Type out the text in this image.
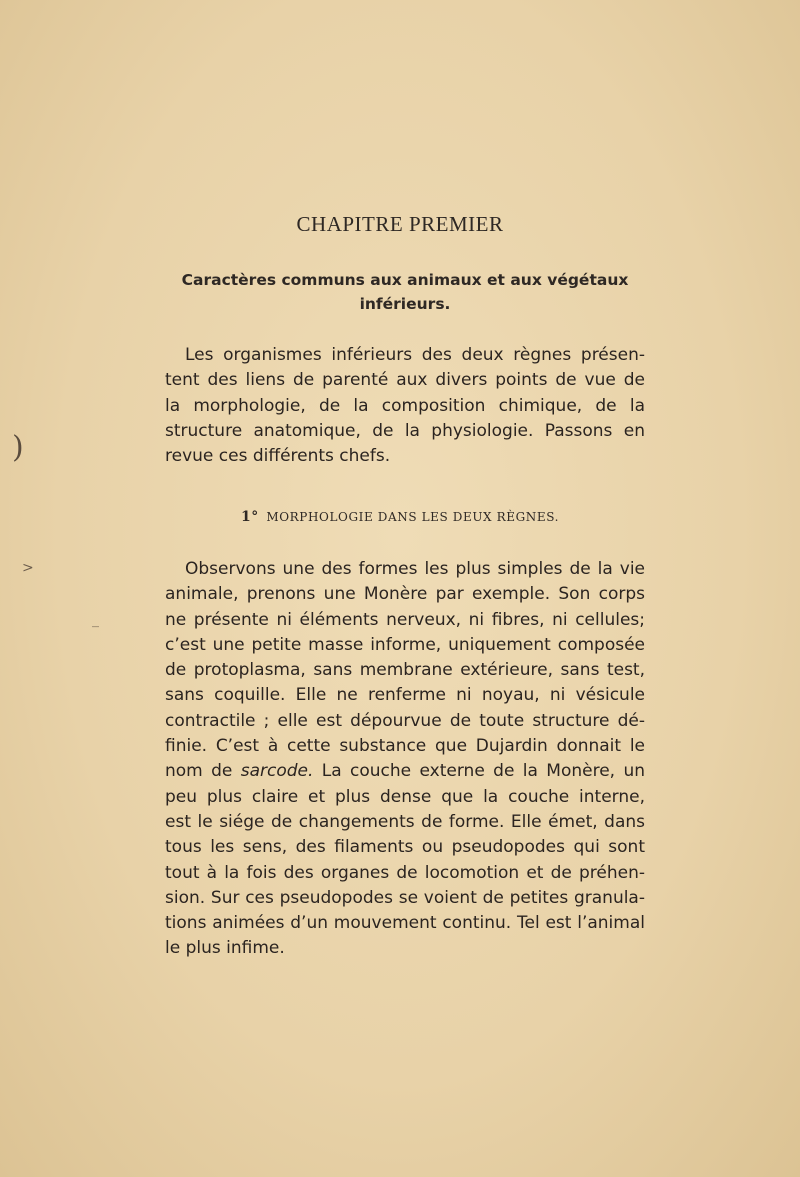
CHAPITRE PREMIER
Caractères communs aux animaux et aux végétaux
inférieurs.
Les organismes inférieurs des deux règnes présen-
tent des liens de parenté aux divers points de vue de
la morphologie, de la composition chimique, de la
structure anatomique, de la physiologie. Passons en
revue ces différents chefs.
1° MORPHOLOGIE DANS LES DEUX RÈGNES.
Observons une des formes les plus simples de la vie
animale, prenons une Monère par exemple. Son corps
ne présente ni éléments nerveux, ni fibres, ni cellules;
c’est une petite masse informe, uniquement composée
de protoplasma, sans membrane extérieure, sans test,
sans coquille. Elle ne renferme ni noyau, ni vésicule
contractile ; elle est dépourvue de toute structure dé-
finie. C’est à cette substance que Dujardin donnait le
nom de sarcode. La couche externe de la Monère, un
peu plus claire et plus dense que la couche interne,
est le siége de changements de forme. Elle émet, dans
tous les sens, des filaments ou pseudopodes qui sont
tout à la fois des organes de locomotion et de préhen-
sion. Sur ces pseudopodes se voient de petites granula-
tions animées d’un mouvement continu. Tel est l’animal
le plus infime.
)
>
_
